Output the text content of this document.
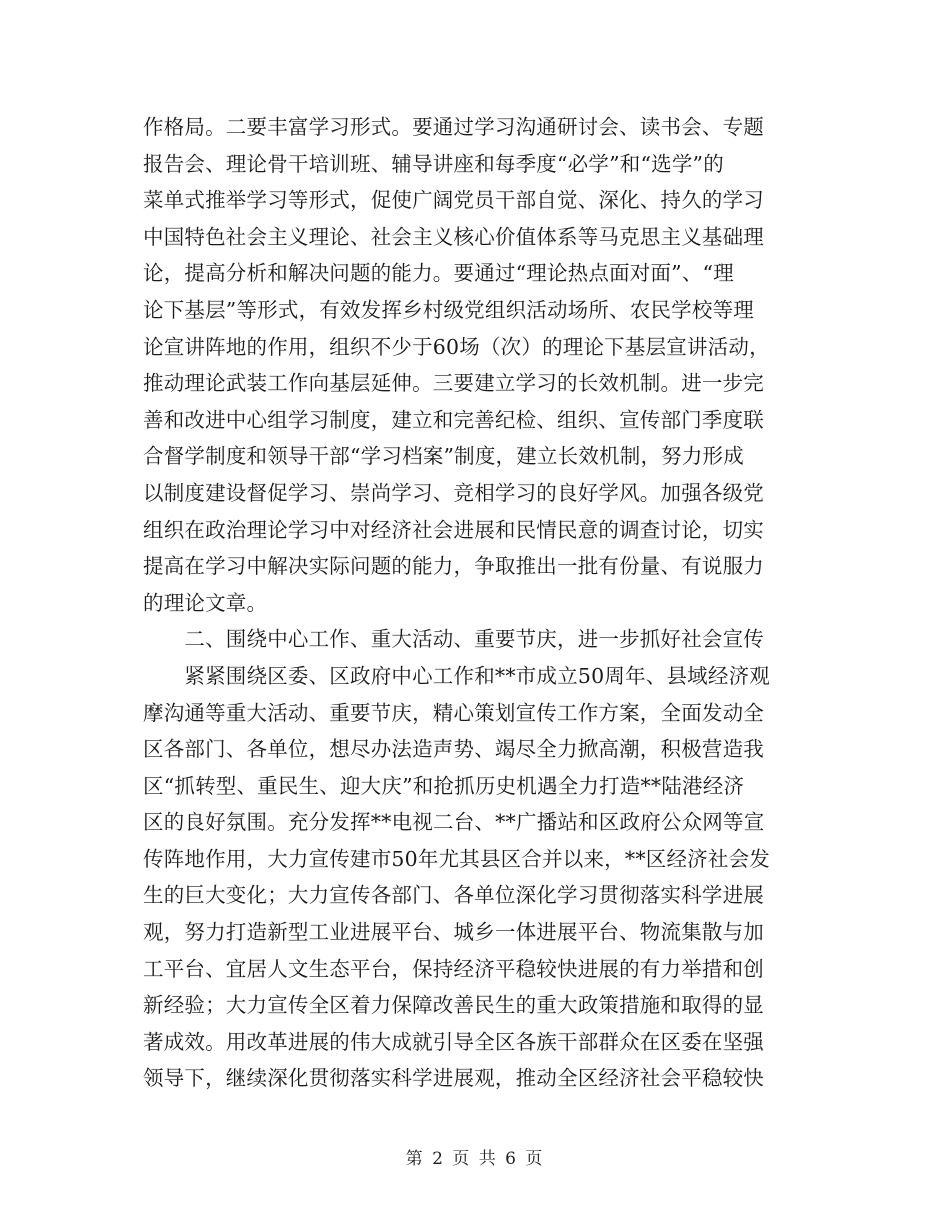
作格局。二要丰富学习形式。要通过学习沟通研讨会、读书会、专题
报告会、理论骨干培训班、辅导讲座和每季度“必学”和“选学”的
菜单式推举学习等形式，促使广阔党员干部自觉、深化、持久的学习
中国特色社会主义理论、社会主义核心价值体系等马克思主义基础理
论，提高分析和解决问题的能力。要通过“理论热点面对面”、“理
论下基层”等形式，有效发挥乡村级党组织活动场所、农民学校等理
论宣讲阵地的作用，组织不少于60场（次）的理论下基层宣讲活动，
推动理论武装工作向基层延伸。三要建立学习的长效机制。进一步完
善和改进中心组学习制度，建立和完善纪检、组织、宣传部门季度联
合督学制度和领导干部“学习档案”制度，建立长效机制，努力形成
以制度建设督促学习、崇尚学习、竞相学习的良好学风。加强各级党
组织在政治理论学习中对经济社会进展和民情民意的调查讨论，切实
提高在学习中解决实际问题的能力，争取推出一批有份量、有说服力
的理论文章。
　　二、围绕中心工作、重大活动、重要节庆，进一步抓好社会宣传
　　紧紧围绕区委、区政府中心工作和**市成立50周年、县域经济观
摩沟通等重大活动、重要节庆，精心策划宣传工作方案，全面发动全
区各部门、各单位，想尽办法造声势、竭尽全力掀高潮，积极营造我
区“抓转型、重民生、迎大庆”和抢抓历史机遇全力打造**陆港经济
区的良好氛围。充分发挥**电视二台、**广播站和区政府公众网等宣
传阵地作用，大力宣传建市50年尤其县区合并以来，**区经济社会发
生的巨大变化；大力宣传各部门、各单位深化学习贯彻落实科学进展
观，努力打造新型工业进展平台、城乡一体进展平台、物流集散与加
工平台、宜居人文生态平台，保持经济平稳较快进展的有力举措和创
新经验；大力宣传全区着力保障改善民生的重大政策措施和取得的显
著成效。用改革进展的伟大成就引导全区各族干部群众在区委在坚强
领导下，继续深化贯彻落实科学进展观，推动全区经济社会平稳较快
第 2 页 共 6 页
